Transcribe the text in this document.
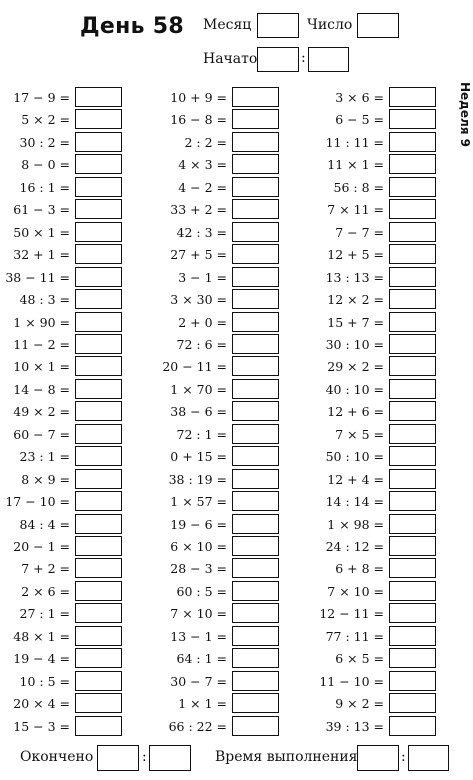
День 58 Месяц	Число
Начато	:
Неделя 9
17 − 9 =
5 × 2 =
30 : 2 =
8 − 0 =
16 : 1 =
61 − 3 =
50 × 1 =
32 + 1 =
38 − 11 =
48 : 3 =
1 × 90 =
11 − 2 =
10 × 1 =
14 − 8 =
49 × 2 =
60 − 7 =
23 : 1 =
8 × 9 =
17 − 10 =
84 : 4 =
20 − 1 =
7 + 2 =
2 × 6 =
27 : 1 =
48 × 1 =
19 − 4 =
10 : 5 =
20 × 4 =
15 − 3 =
10 + 9 =
16 − 8 =
2 : 2 =
4 × 3 =
4 − 2 =
33 + 2 =
42 : 3 =
27 + 5 =
3 − 1 =
3 × 30 =
2 + 0 =
72 : 6 =
20 − 11 =
1 × 70 =
38 − 6 =
72 : 1 =
0 + 15 =
38 : 19 =
1 × 57 =
19 − 6 =
6 × 10 =
28 − 3 =
60 : 5 =
7 × 10 =
13 − 1 =
64 : 1 =
30 − 7 =
1 × 1 =
66 : 22 =
3 × 6 =
6 − 5 =
11 : 11 =
11 × 1 =
56 : 8 =
7 × 11 =
7 − 7 =
12 + 5 =
13 : 13 =
12 × 2 =
15 + 7 =
30 : 10 =
29 × 2 =
40 : 10 =
12 + 6 =
7 × 5 =
50 : 10 =
12 + 4 =
14 : 14 =
1 × 98 =
24 : 12 =
6 + 8 =
7 × 10 =
12 − 11 =
77 : 11 =
6 × 5 =
11 − 10 =
9 × 2 =
39 : 13 =
Окончено	:	Время выполнения	:
